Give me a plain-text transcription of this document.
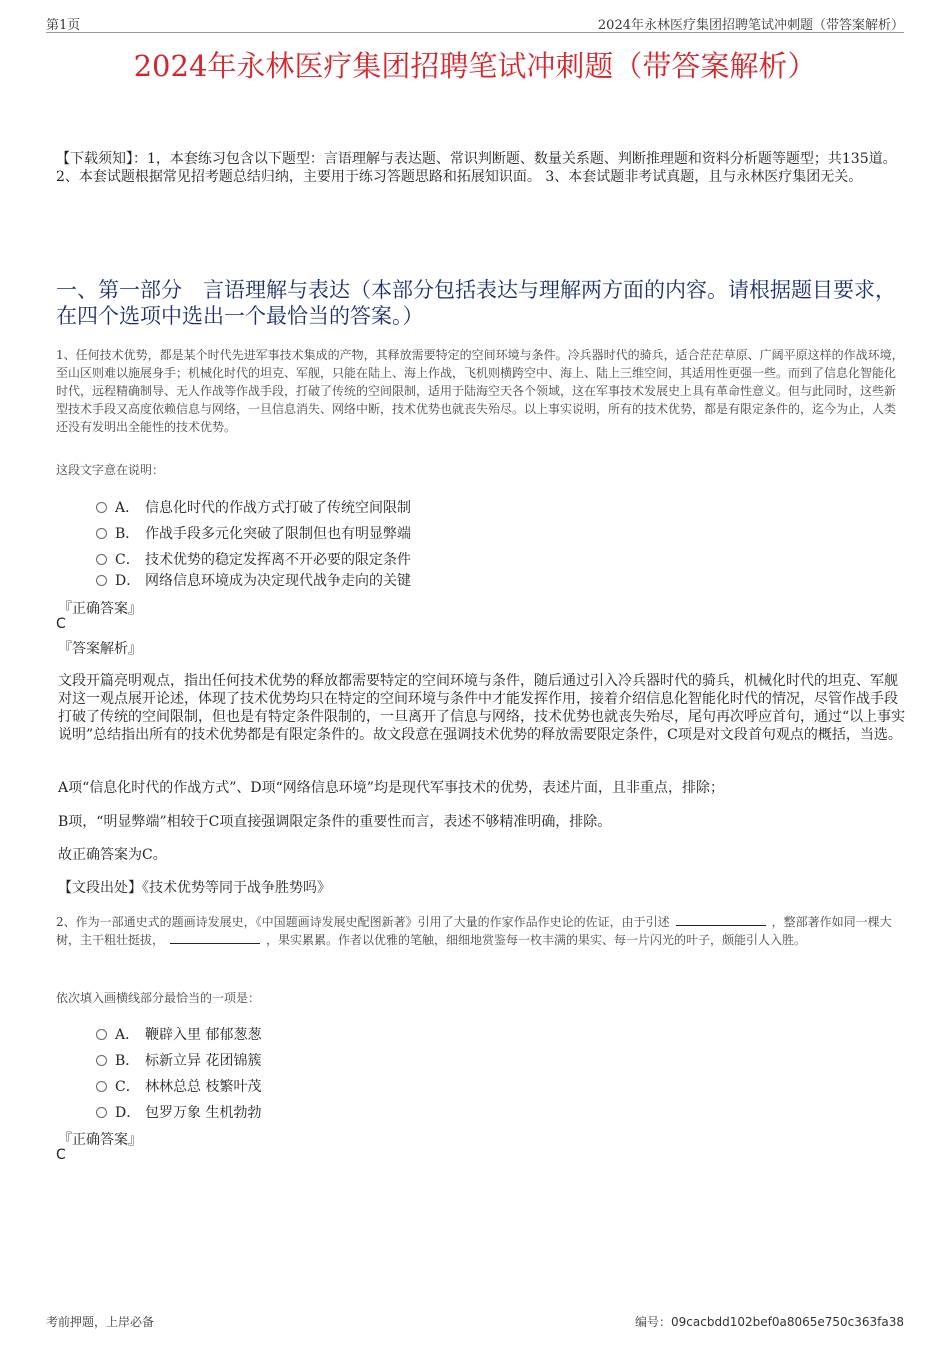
第1页	2024年永林医疗集团招聘笔试冲刺题（带答案解析）
2024年永林医疗集团招聘笔试冲刺题（带答案解析）
【下载须知】：1，本套练习包含以下题型：言语理解与表达题、常识判断题、数量关系题、判断推理题和资料分析题等题型；共135道。 2、本套试题根据常见招考题总结归纳，主要用于练习答题思路和拓展知识面。 3、本套试题非考试真题，且与永林医疗集团无关。
一、第一部分　言语理解与表达（本部分包括表达与理解两方面的内容。请根据题目要求，在四个选项中选出一个最恰当的答案。）
1、任何技术优势，都是某个时代先进军事技术集成的产物，其释放需要特定的空间环境与条件。冷兵器时代的骑兵，适合茫茫草原、广阔平原这样的作战环境，至山区则难以施展身手；机械化时代的坦克、军舰，只能在陆上、海上作战，飞机则横跨空中、海上、陆上三维空间，其适用性更强一些。而到了信息化智能化时代，远程精确制导、无人作战等作战手段，打破了传统的空间限制，适用于陆海空天各个领域，这在军事技术发展史上具有革命性意义。但与此同时，这些新型技术手段又高度依赖信息与网络，一旦信息消失、网络中断，技术优势也就丧失殆尽。以上事实说明，所有的技术优势，都是有限定条件的，迄今为止，人类还没有发明出全能性的技术优势。
这段文字意在说明：
A． 信息化时代的作战方式打破了传统空间限制
B． 作战手段多元化突破了限制但也有明显弊端
C． 技术优势的稳定发挥离不开必要的限定条件
D． 网络信息环境成为决定现代战争走向的关键
『正确答案』
C
『答案解析』
文段开篇亮明观点，指出任何技术优势的释放都需要特定的空间环境与条件，随后通过引入冷兵器时代的骑兵，机械化时代的坦克、军舰对这一观点展开论述，体现了技术优势均只在特定的空间环境与条件中才能发挥作用，接着介绍信息化智能化时代的情况，尽管作战手段打破了传统的空间限制，但也是有特定条件限制的，一旦离开了信息与网络，技术优势也就丧失殆尽，尾句再次呼应首句，通过“以上事实说明”总结指出所有的技术优势都是有限定条件的。故文段意在强调技术优势的释放需要限定条件，C项是对文段首句观点的概括，当选。
A项“信息化时代的作战方式”、D项“网络信息环境”均是现代军事技术的优势，表述片面，且非重点，排除；
B项，“明显弊端”相较于C项直接强调限定条件的重要性而言，表述不够精准明确，排除。
故正确答案为C。
【文段出处】《技术优势等同于战争胜势吗》
2、作为一部通史式的题画诗发展史，《中国题画诗发展史配图新著》引用了大量的作家作品作史论的佐证，由于引述	，整部著作如同一棵大树，主干粗壮挺拔，	，果实累累。作者以优雅的笔触，细细地赏鉴每一枚丰满的果实、每一片闪光的叶子，颇能引人入胜。
依次填入画横线部分最恰当的一项是：
A． 鞭辟入里 郁郁葱葱
B． 标新立异 花团锦簇
C． 林林总总 枝繁叶茂
D． 包罗万象 生机勃勃
『正确答案』
C
考前押题，上岸必备	编号：09cacbdd102bef0a8065e750c363fa38
